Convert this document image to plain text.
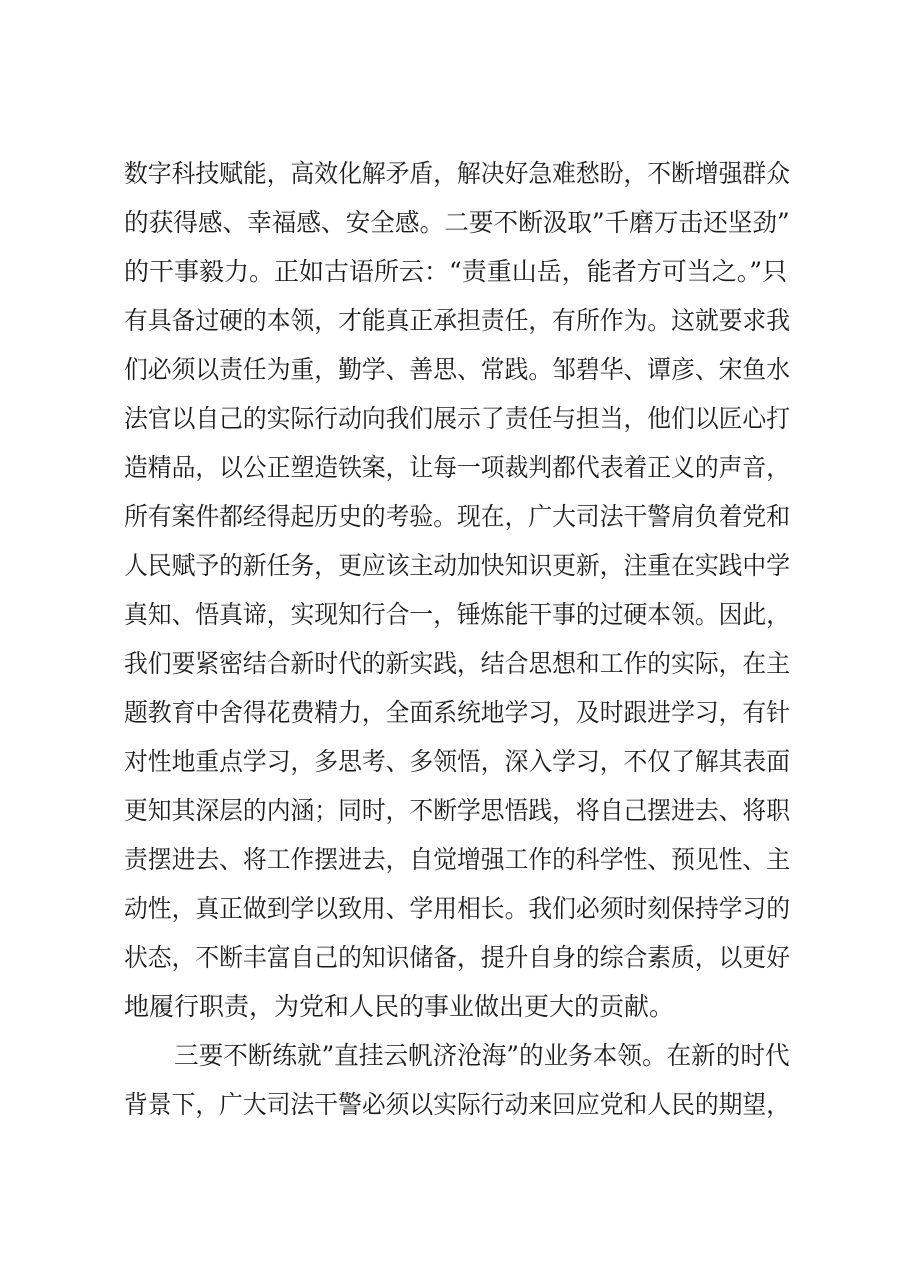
数字科技赋能，高效化解矛盾，解决好急难愁盼，不断增强群众
的获得感、幸福感、安全感。二要不断汲取”千磨万击还坚劲”
的干事毅力。正如古语所云：“责重山岳，能者方可当之。”只
有具备过硬的本领，才能真正承担责任，有所作为。这就要求我
们必须以责任为重，勤学、善思、常践。邹碧华、谭彦、宋鱼水
法官以自己的实际行动向我们展示了责任与担当，他们以匠心打
造精品，以公正塑造铁案，让每一项裁判都代表着正义的声音，
所有案件都经得起历史的考验。现在，广大司法干警肩负着党和
人民赋予的新任务，更应该主动加快知识更新，注重在实践中学
真知、悟真谛，实现知行合一，锤炼能干事的过硬本领。因此，
我们要紧密结合新时代的新实践，结合思想和工作的实际，在主
题教育中舍得花费精力，全面系统地学习，及时跟进学习，有针
对性地重点学习，多思考、多领悟，深入学习，不仅了解其表面
更知其深层的内涵；同时，不断学思悟践，将自己摆进去、将职
责摆进去、将工作摆进去，自觉增强工作的科学性、预见性、主
动性，真正做到学以致用、学用相长。我们必须时刻保持学习的
状态，不断丰富自己的知识储备，提升自身的综合素质，以更好
地履行职责，为党和人民的事业做出更大的贡献。
三要不断练就”直挂云帆济沧海”的业务本领。在新的时代
背景下，广大司法干警必须以实际行动来回应党和人民的期望，
